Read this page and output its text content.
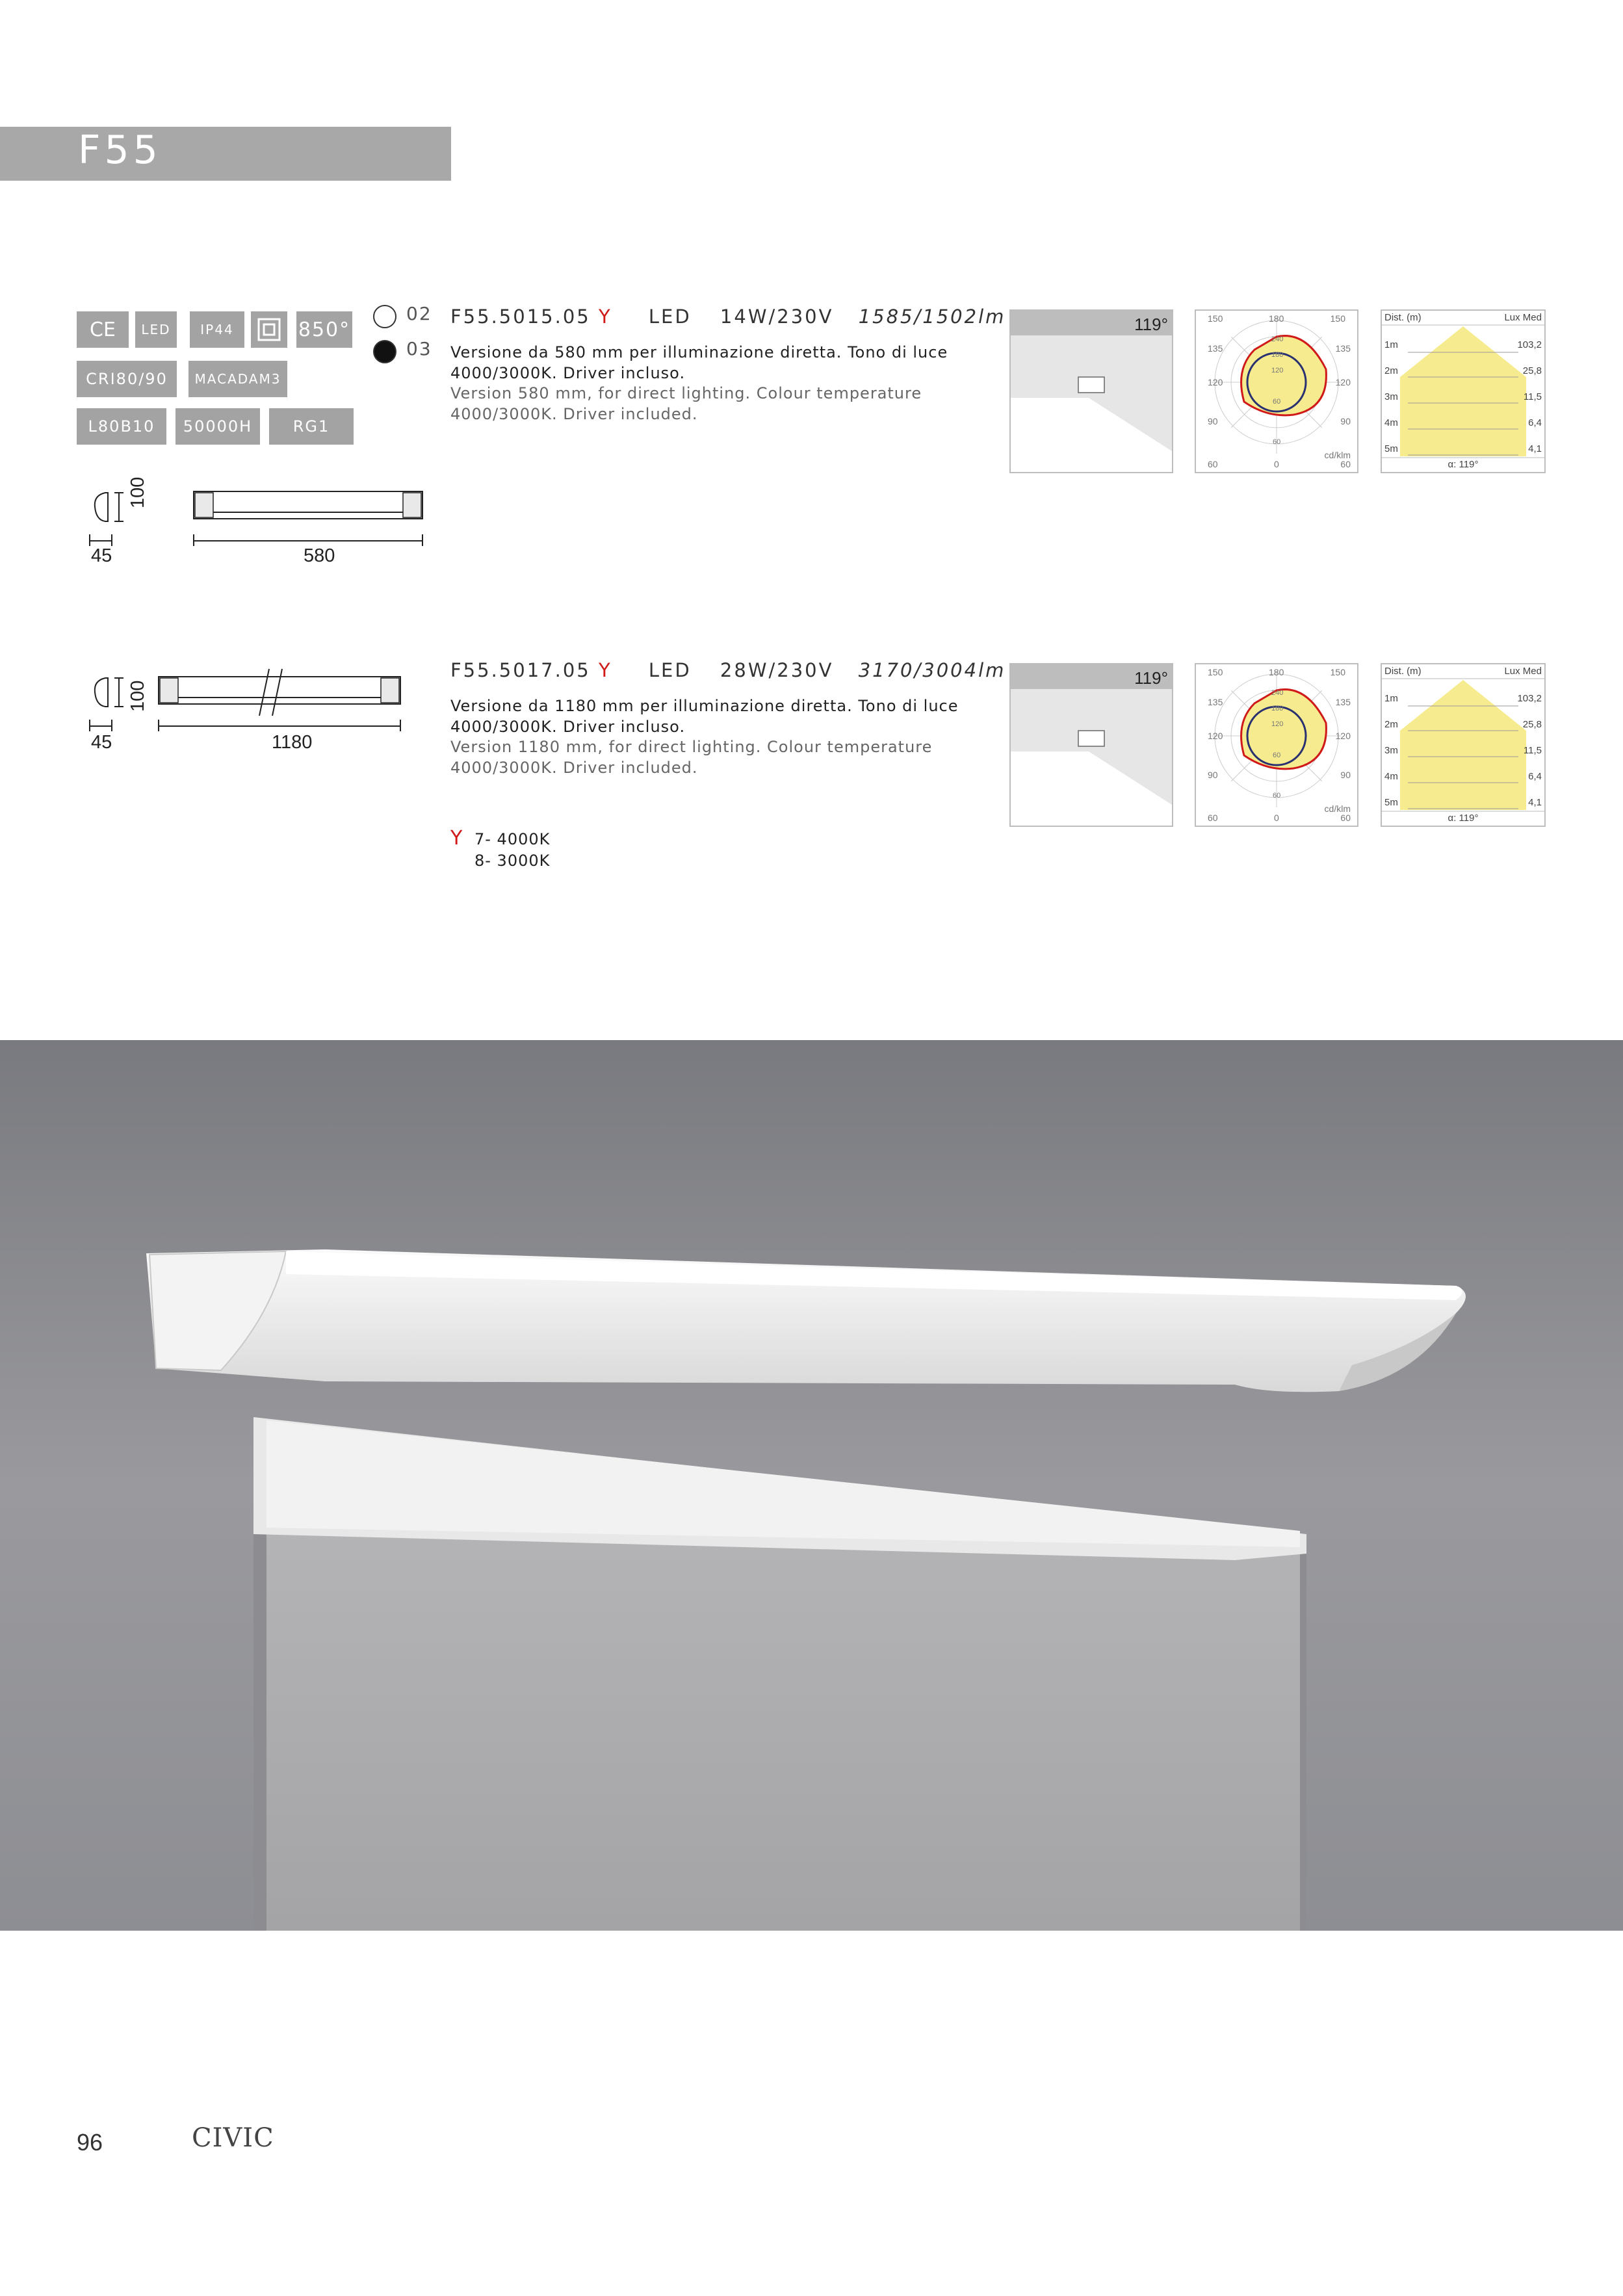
F55
CE	LED	IP44	850°
CRI80/90	MACADAM3
L80B10	50000H	RG1
02
03
F55.5015.05 Y LED 14W/230V 1585/1502lm
Versione da 580 mm per illuminazione diretta. Tono di luce 4000/3000K. Driver incluso.
Version 580 mm, for direct lighting. Colour temperature 4000/3000K. Driver included.
F55.5017.05 Y LED 28W/230V 3170/3004lm
Versione da 1180 mm per illuminazione diretta. Tono di luce 4000/3000K. Driver incluso.
Version 1180 mm, for direct lighting. Colour temperature 4000/3000K. Driver included.
100
45	580
100
45	1180
119°	150	180	150
135
120
90
60
135
120
90
60
0
240
180
120
60
60
cd/klm
Dist. (m)	Lux Med
1m	103,2
2m	25,8
3m	11,5
4m	6,4
5m	4,1
α: 119°
119°	150	180	150
135
120
90
60
135
120
90
60
0
240
180
120
60
60
cd/klm
Dist. (m)	Lux Med
1m	103,2
2m	25,8
3m	11,5
4m	6,4
5m	4,1
α: 119°
Y 7- 4000K
8- 3000K
96	CIVIC
